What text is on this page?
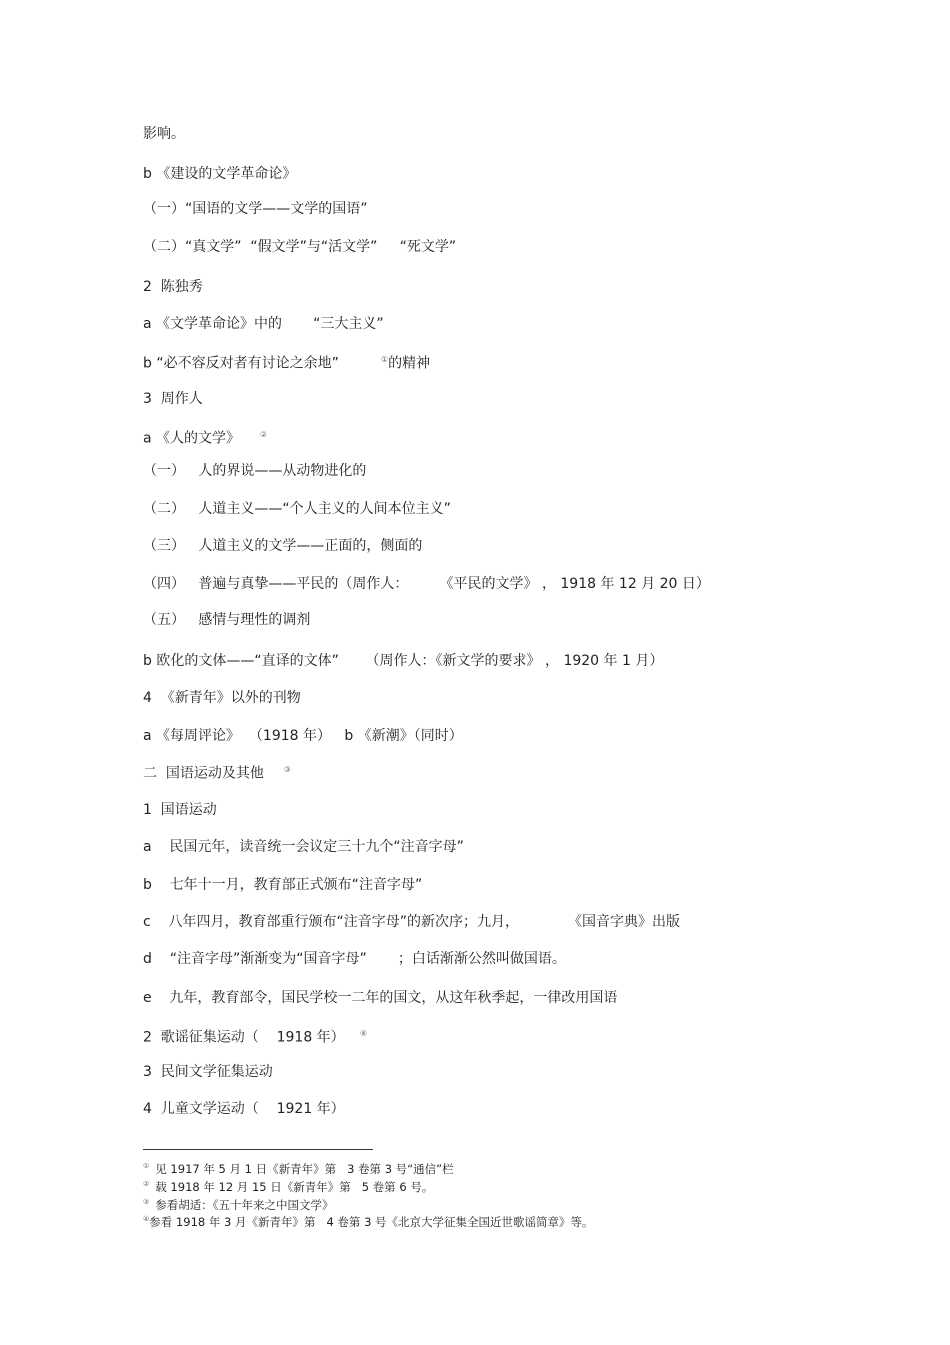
影响。
b 《建设的文学革命论》
（一）“国语的文学——文学的国语”
（二）“真文学”  “假文学”与“活文学”     “死文学”
2  陈独秀
a 《文学革命论》中的       “三大主义”
b “必不容反对者有讨论之余地”         ①的精神
3  周作人
a 《人的文学》    ②
（一）   人的界说——从动物进化的
（二）   人道主义——“个人主义的人间本位主义”
（三）   人道主义的文学——正面的，侧面的
（四）   普遍与真挚——平民的（周作人：       《平民的文学》 ， 1918 年 12 月 20 日）
（五）   感情与理性的调剂
b 欧化的文体——“直译的文体”      （周作人：《新文学的要求》 ， 1920 年 1 月）
4  《新青年》以外的刊物
a 《每周评论》  （1918 年）   b 《新潮》（同时）
二  国语运动及其他    ③
1  国语运动
a    民国元年，读音统一会议定三十九个“注音字母”
b    七年十一月，教育部正式颁布“注音字母”
c    八年四月，教育部重行颁布“注音字母”的新次序；九月，           《国音字典》出版
d    “注音字母”渐渐变为“国音字母”       ；白话渐渐公然叫做国语。
e    九年，教育部令，国民学校一二年的国文，从这年秋季起，一律改用国语
2  歌谣征集运动（    1918 年）   ④
3  民间文学征集运动
4  儿童文学运动（    1921 年）
① 见 1917 年 5 月 1 日《新青年》第   3 卷第 3 号“通信”栏
② 载 1918 年 12 月 15 日《新青年》第   5 卷第 6 号。
③ 参看胡适：《五十年来之中国文学》
④参看 1918 年 3 月《新青年》第   4 卷第 3 号《北京大学征集全国近世歌谣简章》等。
